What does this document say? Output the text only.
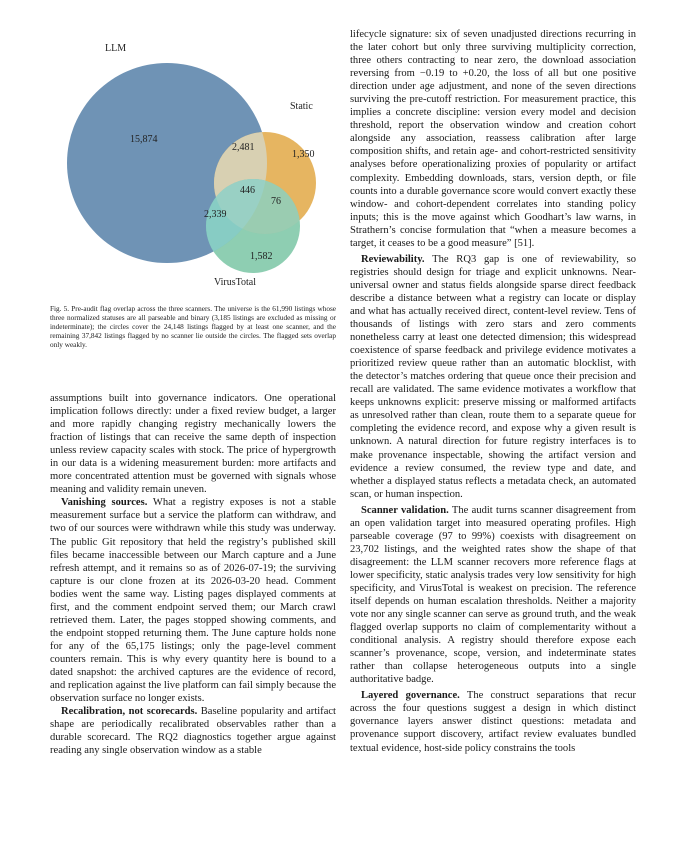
LLM
Static
VirusTotal
15,874
2,481
1,350
446
76
2,339
1,582
Fig. 5. Pre-audit flag overlap across the three scanners. The universe is the 61,990 listings whose three normalized statuses are all parseable and binary (3,185 listings are excluded as missing or indeterminate); the circles cover the 24,148 listings flagged by at least one scanner, and the remaining 37,842 listings flagged by no scanner lie outside the circles. The flagged sets overlap only weakly.

assumptions built into governance indicators. One operational implication follows directly: under a fixed review budget, a larger and more rapidly changing registry mechanically lowers the fraction of listings that can receive the same depth of inspection unless review capacity scales with stock. The price of hypergrowth in our data is a widening measurement burden: more artifacts and more concentrated attention must be governed with signals whose meaning and validity remain uneven.

Vanishing sources. What a registry exposes is not a stable measurement surface but a service the platform can withdraw, and two of our sources were withdrawn while this study was underway. The public Git repository that held the registry’s published skill files became inaccessible between our March capture and a June refresh attempt, and it remains so as of 2026-07-19; the surviving capture is our clone frozen at its 2026-03-20 head. Comment bodies went the same way. Listing pages displayed comments at first, and the comment endpoint served them; our March crawl retrieved them. Later, the pages stopped showing comments, and the endpoint stopped returning them. The June capture holds none for any of the 65,175 listings; only the page-level comment counters remain. This is why every quantity here is bound to a dated snapshot: the archived captures are the evidence of record, and replication against the live platform can fail simply because the observation surface no longer exists.

Recalibration, not scorecards. Baseline popularity and artifact shape are periodically recalibrated observables rather than a durable scorecard. The RQ2 diagnostics together argue against reading any single observation window as a stable

lifecycle signature: six of seven unadjusted directions recurring in the later cohort but only three surviving multiplicity correction, three others contracting to near zero, the download association reversing from −0.19 to +0.20, the loss of all but one positive direction under age adjustment, and none of the seven directions surviving the pre-cutoff restriction. For measurement practice, this implies a concrete discipline: version every model and decision threshold, report the observation window and creation cohort alongside any association, reassess calibration after large composition shifts, and retain age- and cohort-restricted sensitivity analyses before operationalizing proxies of popularity or artifact complexity. Embedding downloads, stars, version depth, or file counts into a durable governance score would convert exactly these window- and cohort-dependent correlates into standing policy inputs; this is the move against which Goodhart’s law warns, in Strathern’s concise formulation that “when a measure becomes a target, it ceases to be a good measure” [51].

Reviewability. The RQ3 gap is one of reviewability, so registries should design for triage and explicit unknowns. Near-universal owner and status fields alongside sparse direct feedback describe a distance between what a registry can locate or display and what has actually received direct, content-level review. Tens of thousands of listings with zero stars and zero comments nonetheless carry at least one detected dimension; this widespread coexistence of sparse feedback and privilege evidence motivates a prioritized review queue rather than an automatic blocklist, with the detector’s matches ordering that queue once their precision and recall are validated. The same evidence motivates a workflow that keeps unknowns explicit: preserve missing or malformed artifacts as unresolved rather than clean, route them to a separate queue for completing the evidence record, and expose why a given result is unknown. A natural direction for future registry interfaces is to make provenance inspectable, showing the artifact version and evidence a review consumed, the review type and date, and whether a displayed status reflects a metadata check, an automated scan, or human inspection.

Scanner validation. The audit turns scanner disagreement from an open validation target into measured operating profiles. High parseable coverage (97 to 99%) coexists with disagreement on 23,702 listings, and the weighted rates show the shape of that disagreement: the LLM scanner recovers more reference flags at lower specificity, static analysis trades very low sensitivity for high specificity, and VirusTotal is weakest on precision. The reference itself depends on human escalation thresholds. Neither a majority vote nor any single scanner can serve as ground truth, and the weak flagged overlap supports no claim of complementarity without a conditional analysis. A registry should therefore expose each scanner’s provenance, scope, version, and indeterminate states rather than collapse heterogeneous outputs into a single authoritative badge.

Layered governance. The construct separations that recur across the four questions suggest a design in which distinct governance layers answer distinct questions: metadata and provenance support discovery, artifact review evaluates bundled textual evidence, host-side policy constrains the tools
